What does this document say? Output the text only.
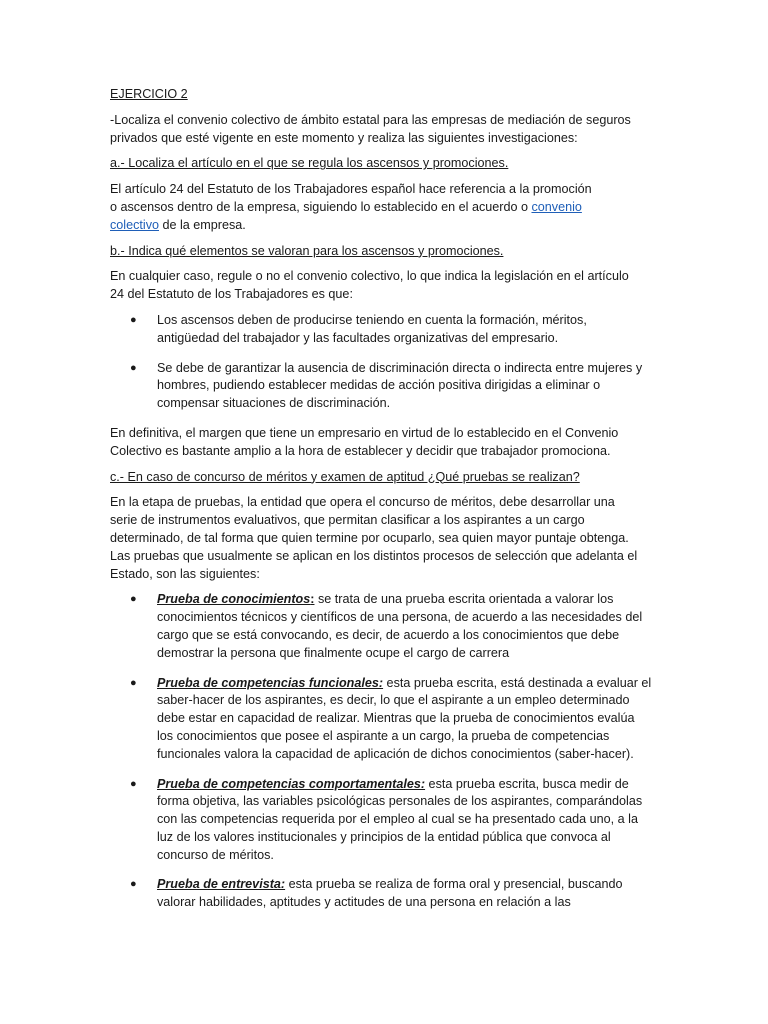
EJERCICIO 2

-Localiza el convenio colectivo de ámbito estatal para las empresas de mediación de seguros
privados que esté vigente en este momento y realiza las siguientes investigaciones:

a.- Localiza el artículo en el que se regula los ascensos y promociones.

El artículo 24 del Estatuto de los Trabajadores español hace referencia a la promoción
o ascensos dentro de la empresa, siguiendo lo establecido en el acuerdo o convenio
colectivo de la empresa.

b.- Indica qué elementos se valoran para los ascensos y promociones.

En cualquier caso, regule o no el convenio colectivo, lo que indica la legislación en el artículo
24 del Estatuto de los Trabajadores es que:

● Los ascensos deben de producirse teniendo en cuenta la formación, méritos,
antigüedad del trabajador y las facultades organizativas del empresario.
● Se debe de garantizar la ausencia de discriminación directa o indirecta entre mujeres y
hombres, pudiendo establecer medidas de acción positiva dirigidas a eliminar o
compensar situaciones de discriminación.

En definitiva, el margen que tiene un empresario en virtud de lo establecido en el Convenio
Colectivo es bastante amplio a la hora de establecer y decidir que trabajador promociona.

c.- En caso de concurso de méritos y examen de aptitud ¿Qué pruebas se realizan?

En la etapa de pruebas, la entidad que opera el concurso de méritos, debe desarrollar una
serie de instrumentos evaluativos, que permitan clasificar a los aspirantes a un cargo
determinado, de tal forma que quien termine por ocuparlo, sea quien mayor puntaje obtenga.
Las pruebas que usualmente se aplican en los distintos procesos de selección que adelanta el
Estado, son las siguientes:

● Prueba de conocimientos: se trata de una prueba escrita orientada a valorar los
conocimientos técnicos y científicos de una persona, de acuerdo a las necesidades del
cargo que se está convocando, es decir, de acuerdo a los conocimientos que debe
demostrar la persona que finalmente ocupe el cargo de carrera
● Prueba de competencias funcionales: esta prueba escrita, está destinada a evaluar el
saber-hacer de los aspirantes, es decir, lo que el aspirante a un empleo determinado
debe estar en capacidad de realizar. Mientras que la prueba de conocimientos evalúa
los conocimientos que posee el aspirante a un cargo, la prueba de competencias
funcionales valora la capacidad de aplicación de dichos conocimientos (saber-hacer).
● Prueba de competencias comportamentales: esta prueba escrita, busca medir de
forma objetiva, las variables psicológicas personales de los aspirantes, comparándolas
con las competencias requerida por el empleo al cual se ha presentado cada uno, a la
luz de los valores institucionales y principios de la entidad pública que convoca al
concurso de méritos.
● Prueba de entrevista: esta prueba se realiza de forma oral y presencial, buscando
valorar habilidades, aptitudes y actitudes de una persona en relación a las
